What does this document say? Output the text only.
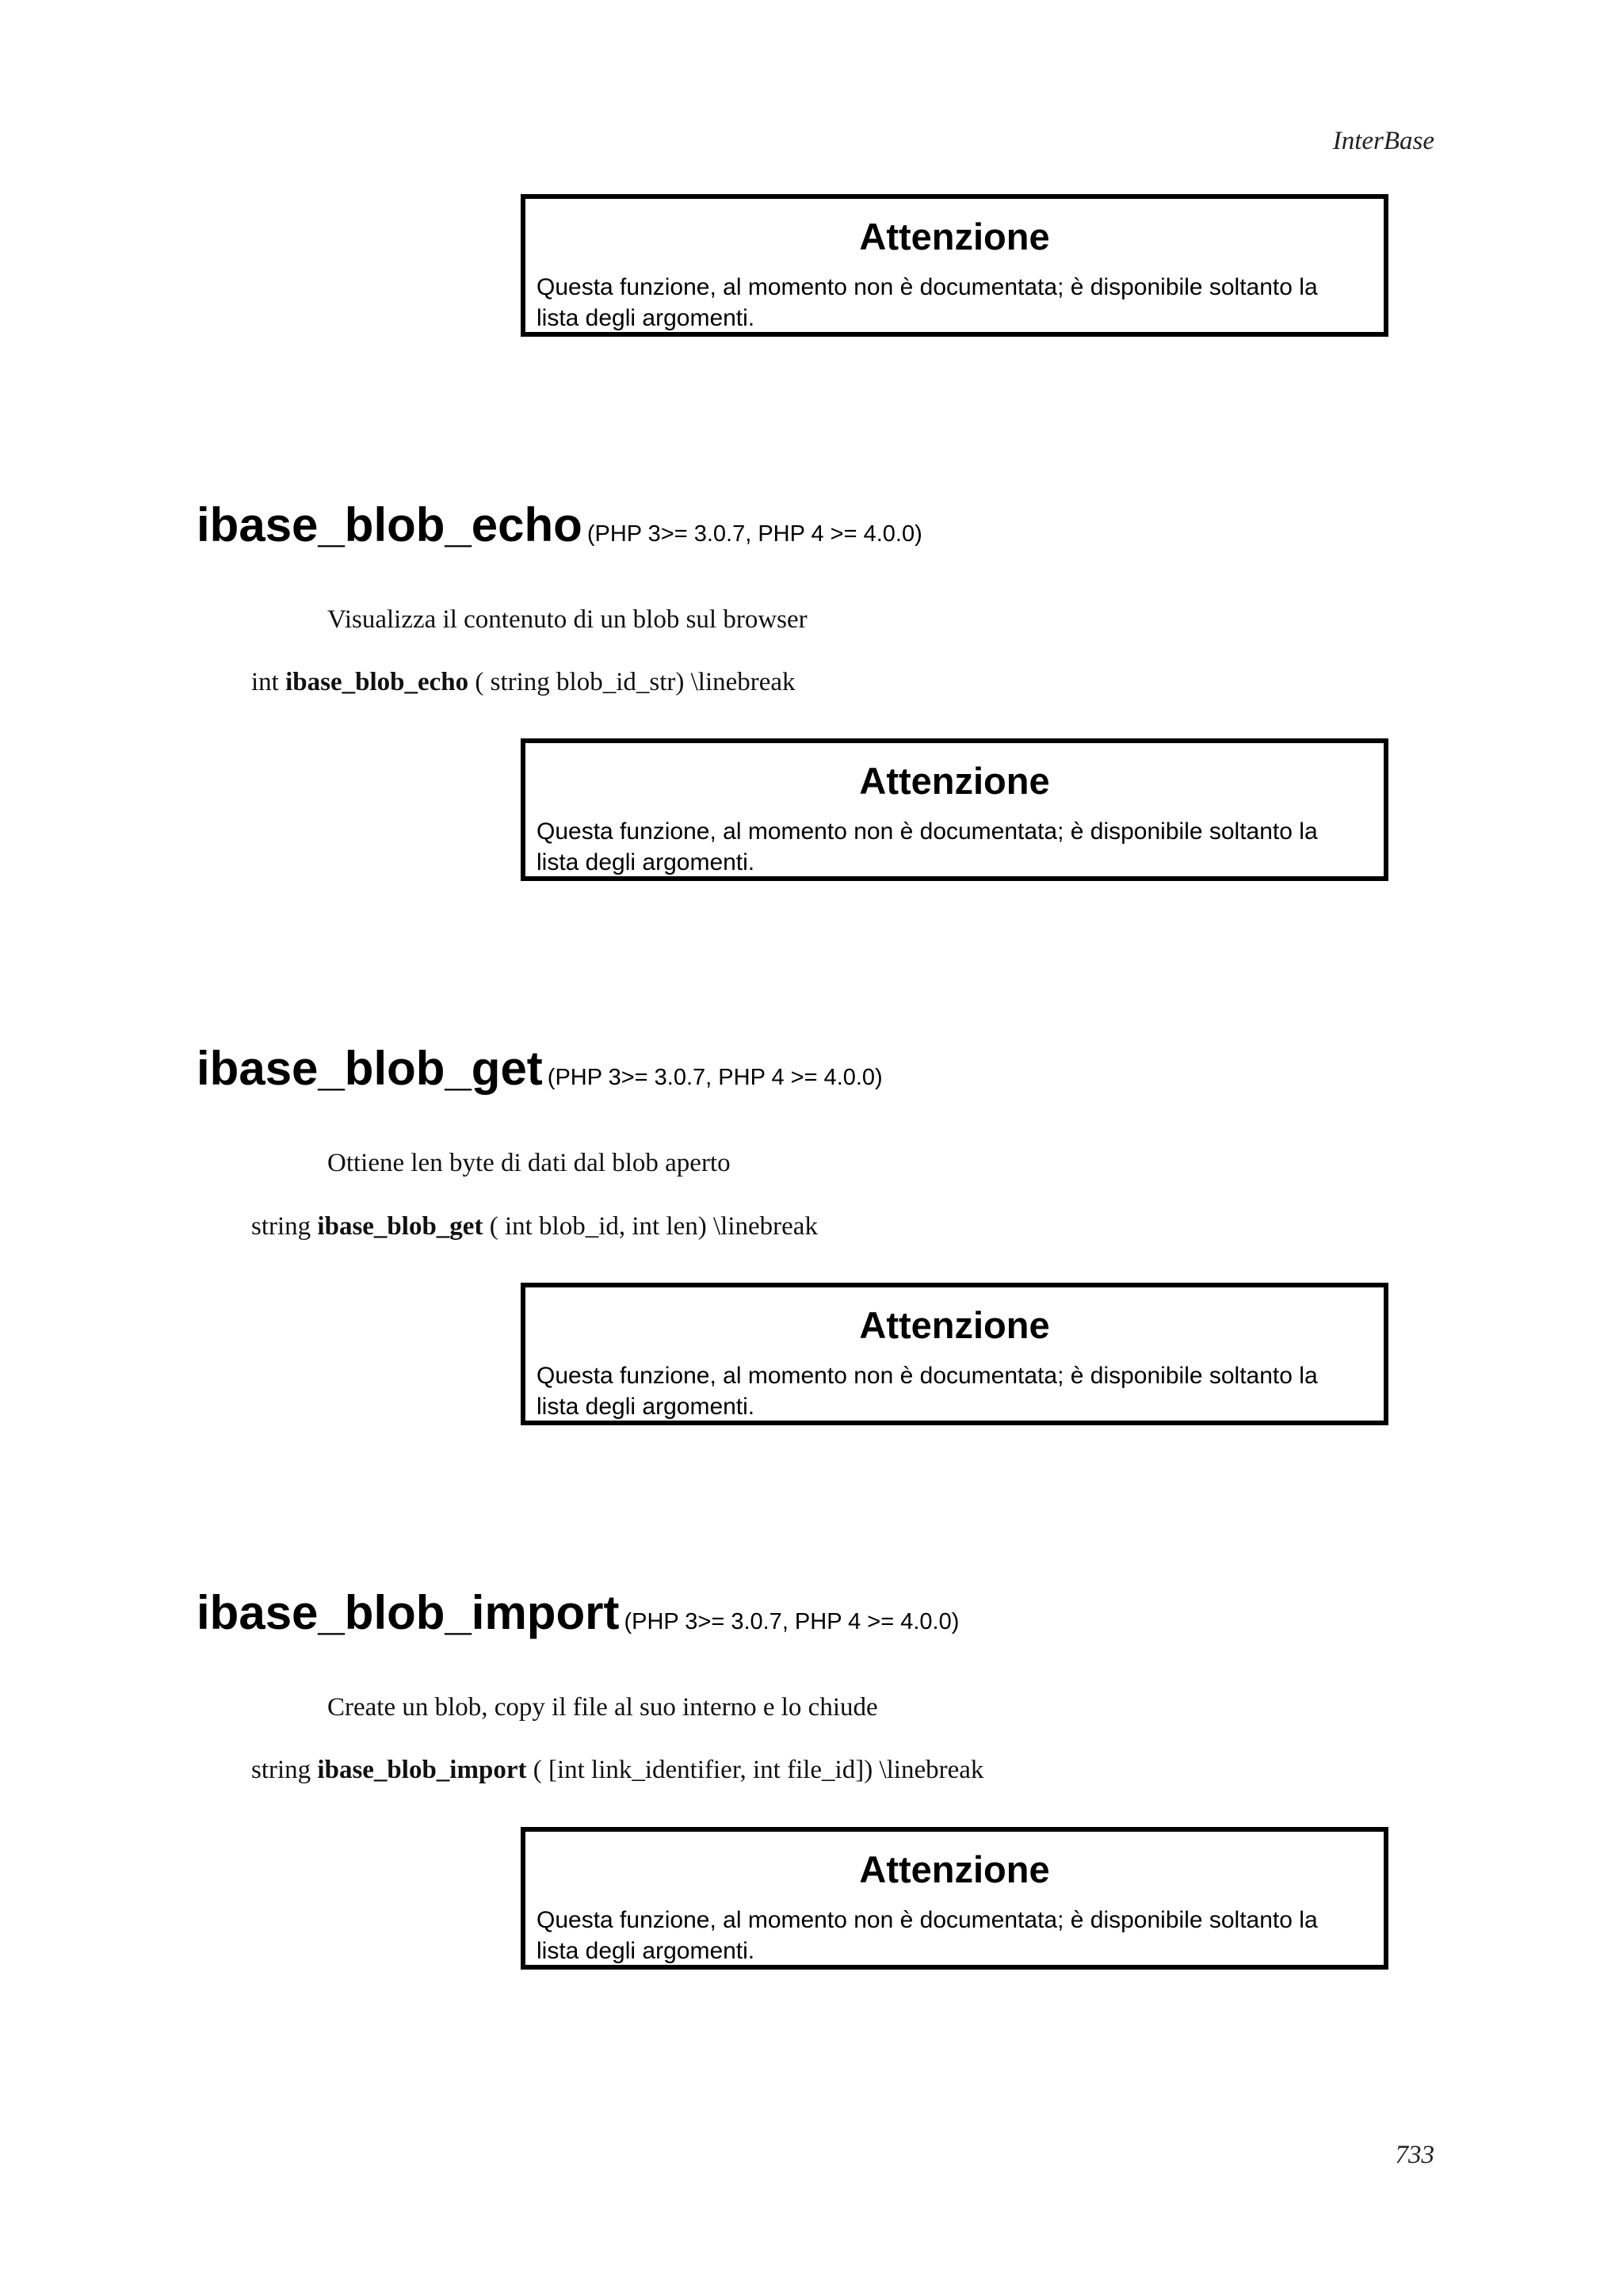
InterBase
Attenzione
Questa funzione, al momento non è documentata; è disponibile soltanto la lista degli argomenti.
ibase_blob_echo (PHP 3>= 3.0.7, PHP 4 >= 4.0.0)
Visualizza il contenuto di un blob sul browser
int ibase_blob_echo ( string blob_id_str) \linebreak
Attenzione
Questa funzione, al momento non è documentata; è disponibile soltanto la lista degli argomenti.
ibase_blob_get (PHP 3>= 3.0.7, PHP 4 >= 4.0.0)
Ottiene len byte di dati dal blob aperto
string ibase_blob_get ( int blob_id, int len) \linebreak
Attenzione
Questa funzione, al momento non è documentata; è disponibile soltanto la lista degli argomenti.
ibase_blob_import (PHP 3>= 3.0.7, PHP 4 >= 4.0.0)
Create un blob, copy il file al suo interno e lo chiude
string ibase_blob_import ( [int link_identifier, int file_id]) \linebreak
Attenzione
Questa funzione, al momento non è documentata; è disponibile soltanto la lista degli argomenti.
733
